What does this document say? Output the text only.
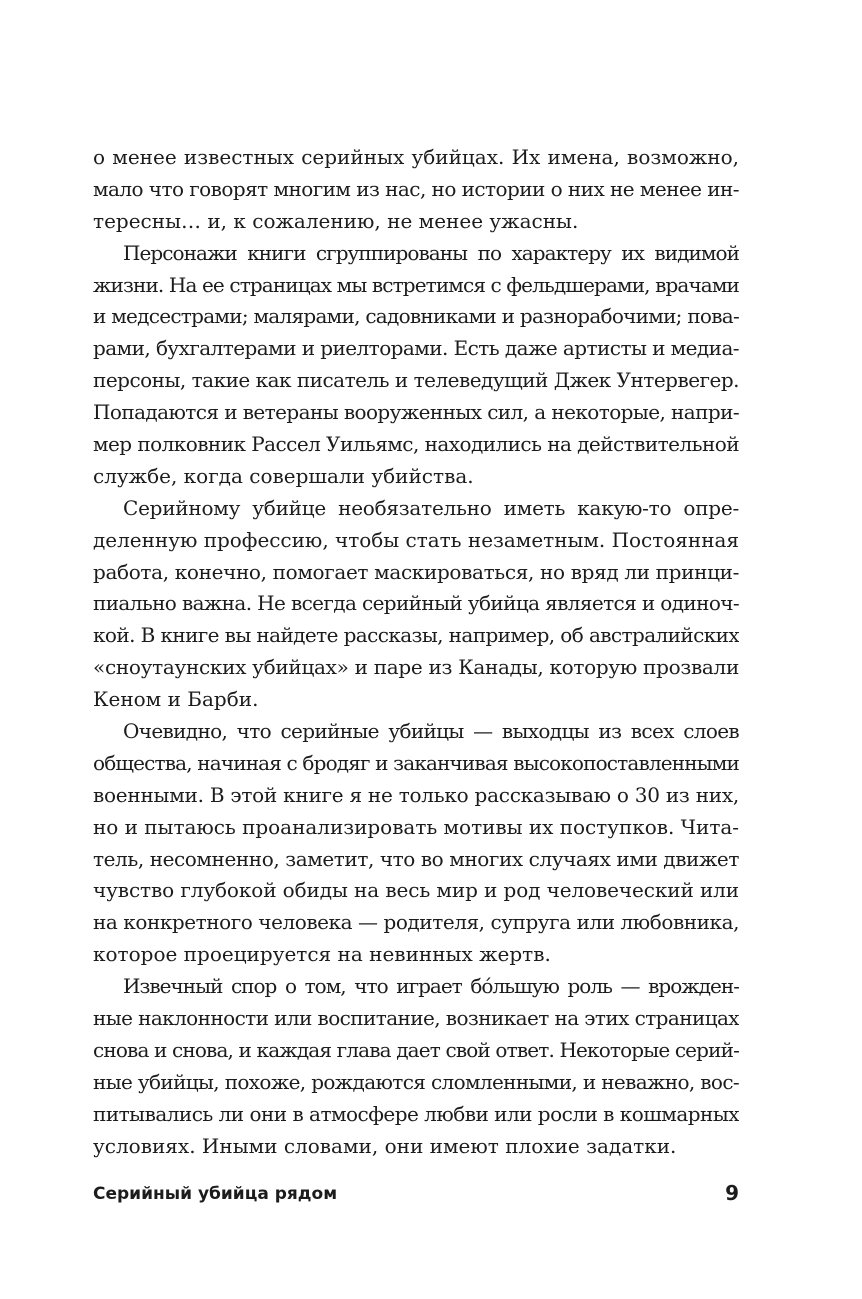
о менее известных серийных убийцах. Их имена, возможно,
мало что говорят многим из нас, но истории о них не менее ин-
тересны… и, к сожалению, не менее ужасны.
Персонажи книги сгруппированы по характеру их видимой
жизни. На ее страницах мы встретимся с фельдшерами, врачами
и медсестрами; малярами, садовниками и разнорабочими; пова-
рами, бухгалтерами и риелторами. Есть даже артисты и медиа-
персоны, такие как писатель и телеведущий Джек Унтервегер.
Попадаются и ветераны вооруженных сил, а некоторые, напри-
мер полковник Рассел Уильямс, находились на действительной
службе, когда совершали убийства.
Серийному убийце необязательно иметь какую-то опре-
деленную профессию, чтобы стать незаметным. Постоянная
работа, конечно, помогает маскироваться, но вряд ли принци-
пиально важна. Не всегда серийный убийца является и одиноч-
кой. В книге вы найдете рассказы, например, об австралийских
«сноутаунских убийцах» и паре из Канады, которую прозвали
Кеном и Барби.
Очевидно, что серийные убийцы — выходцы из всех слоев
общества, начиная с бродяг и заканчивая высокопоставленными
военными. В этой книге я не только рассказываю о 30 из них,
но и пытаюсь проанализировать мотивы их поступков. Чита-
тель, несомненно, заметит, что во многих случаях ими движет
чувство глубокой обиды на весь мир и род человеческий или
на конкретного человека — родителя, супруга или любовника,
которое проецируется на невинных жертв.
Извечный спор о том, что играет бо́льшую роль — врожден-
ные наклонности или воспитание, возникает на этих страницах
снова и снова, и каждая глава дает свой ответ. Некоторые серий-
ные убийцы, похоже, рождаются сломленными, и неважно, вос-
питывались ли они в атмосфере любви или росли в кошмарных
условиях. Иными словами, они имеют плохие задатки.
Серийный убийца рядом	9
